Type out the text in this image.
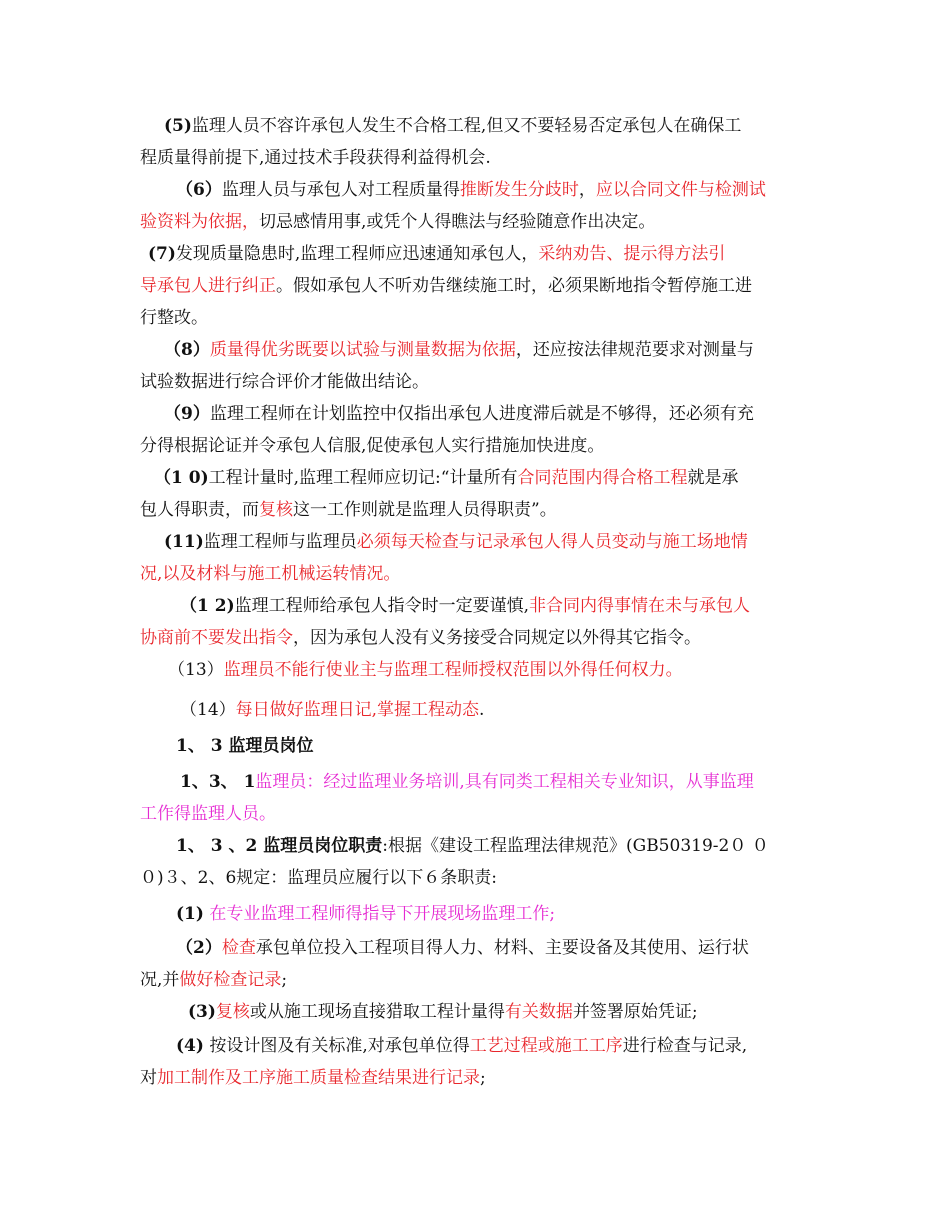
(5)监理人员不容许承包人发生不合格工程,但又不要轻易否定承包人在确保工
程质量得前提下,通过技术手段获得利益得机会.
（6）监理人员与承包人对工程质量得推断发生分歧时，应以合同文件与检测试
验资料为依据，切忌感情用事,或凭个人得瞧法与经验随意作出决定。
(7)发现质量隐患时,监理工程师应迅速通知承包人，采纳劝告、提示得方法引
导承包人进行纠正。假如承包人不听劝告继续施工时，必须果断地指令暂停施工进
行整改。
（8）质量得优劣既要以试验与测量数据为依据，还应按法律规范要求对测量与
试验数据进行综合评价才能做出结论。
（9）监理工程师在计划监控中仅指出承包人进度滞后就是不够得，还必须有充
分得根据论证并令承包人信服,促使承包人实行措施加快进度。
（1 0)工程计量时,监理工程师应切记:“计量所有合同范围内得合格工程就是承
包人得职责，而复核这一工作则就是监理人员得职责”。
(11)监理工程师与监理员必须每天检查与记录承包人得人员变动与施工场地情
况,以及材料与施工机械运转情况。
（1 2)监理工程师给承包人指令时一定要谨慎,非合同内得事情在未与承包人
协商前不要发出指令，因为承包人没有义务接受合同规定以外得其它指令。
（13）监理员不能行使业主与监理工程师授权范围以外得任何权力。
（14）每日做好监理日记,掌握工程动态.
1、 3 监理员岗位
1、3、 1监理员：经过监理业务培训,具有同类工程相关专业知识，从事监理
工作得监理人员。
1、 3 、2 监理员岗位职责:根据《建设工程监理法律规范》(GB50319-2０ ０
０)３、2、6规定：监理员应履行以下６条职责:
(1) 在专业监理工程师得指导下开展现场监理工作;
（2）检查承包单位投入工程项目得人力、材料、主要设备及其使用、运行状
况,并做好检查记录;
(3)复核或从施工现场直接猎取工程计量得有关数据并签署原始凭证;
(4) 按设计图及有关标准,对承包单位得工艺过程或施工工序进行检查与记录,
对加工制作及工序施工质量检查结果进行记录;
